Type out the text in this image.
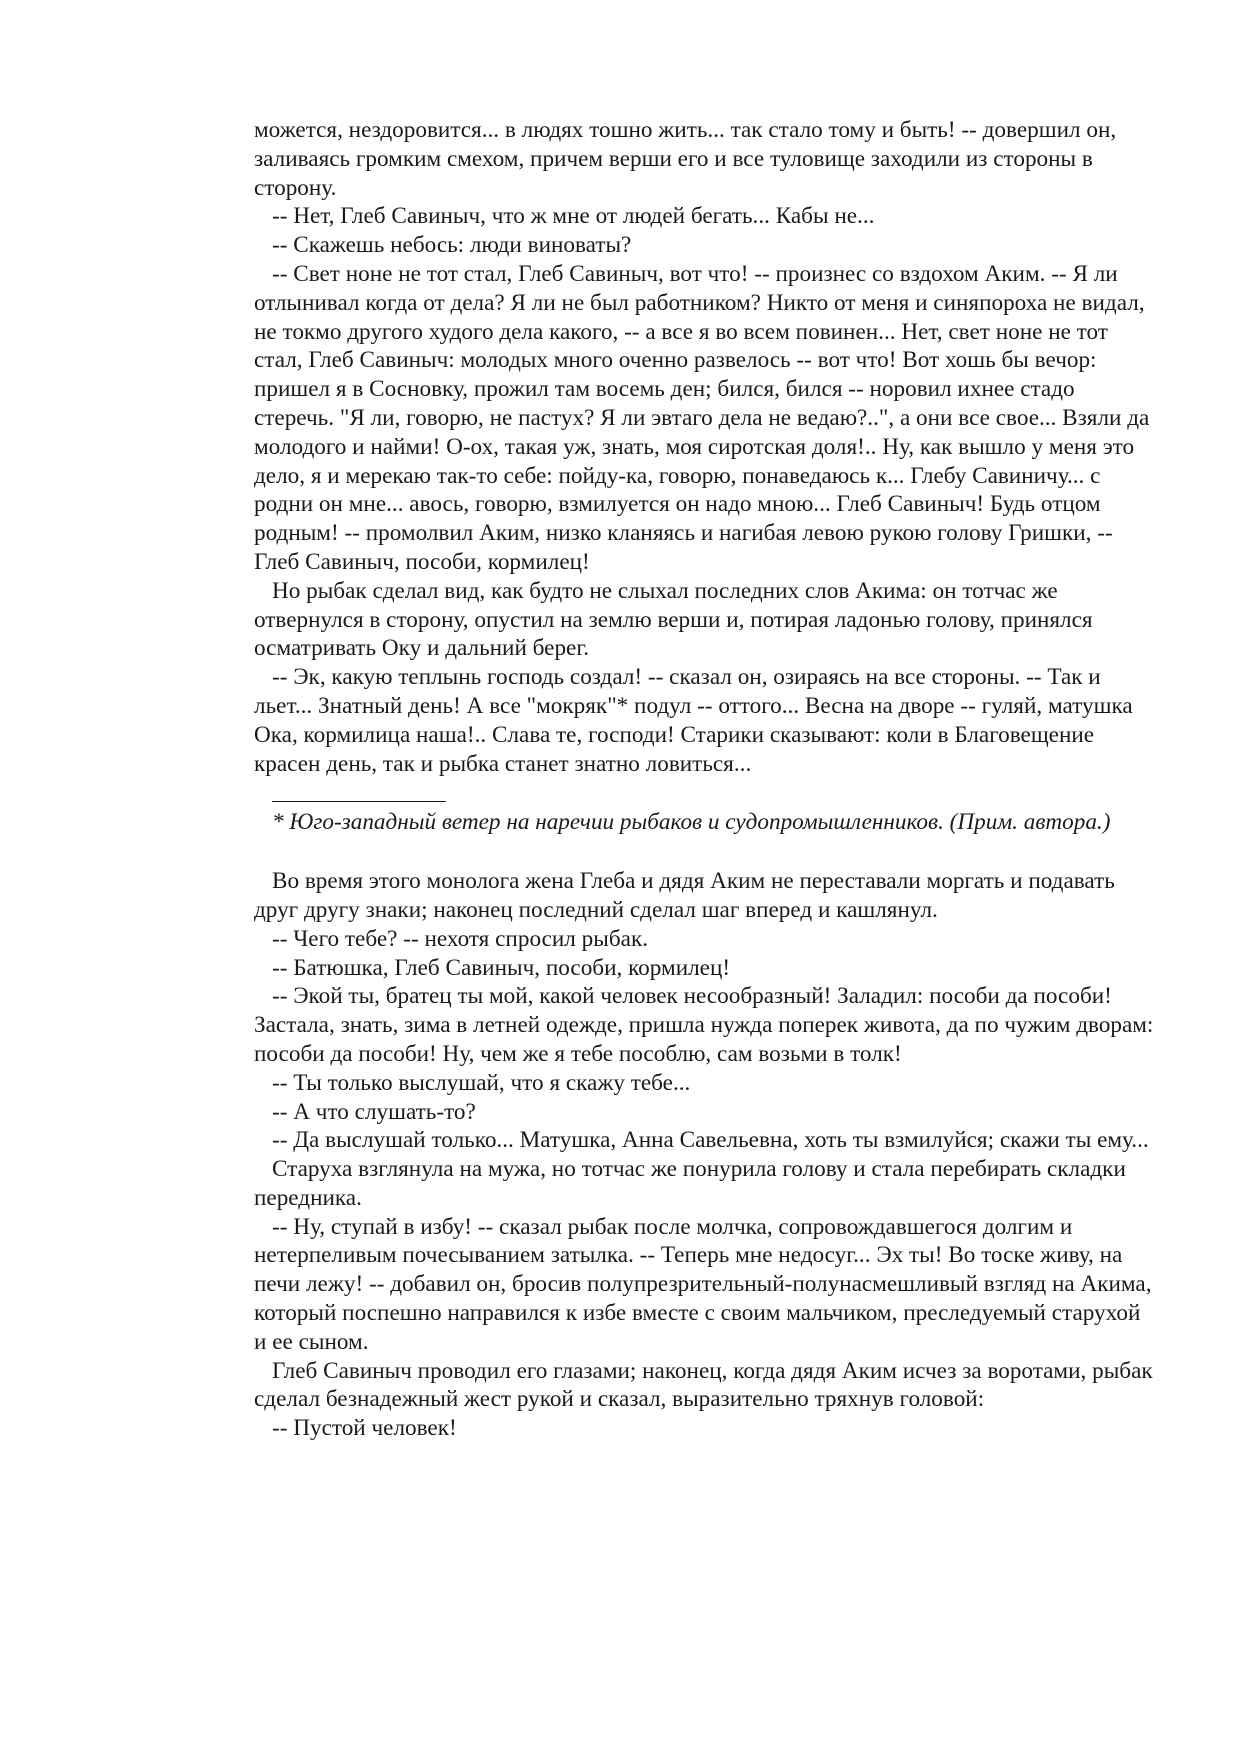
можется, нездоровится... в людях тошно жить... так стало тому и быть! -- довершил он, заливаясь громким смехом, причем верши его и все туловище заходили из стороны в сторону.

-- Нет, Глеб Савиныч, что ж мне от людей бегать... Кабы не...

-- Скажешь небось: люди виноваты?

-- Свет ноне не тот стал, Глеб Савиныч, вот что! -- произнес со вздохом Аким. -- Я ли отлынивал когда от дела? Я ли не был работником? Никто от меня и синяпороха не видал, не токмо другого худого дела какого, -- а все я во всем повинен... Нет, свет ноне не тот стал, Глеб Савиныч: молодых много оченно развелось -- вот что! Вот хошь бы вечор: пришел я в Сосновку, прожил там восемь ден; бился, бился -- норовил ихнее стадо стеречь. "Я ли, говорю, не пастух? Я ли эвтаго дела не ведаю?..", а они все свое... Взяли да молодого и найми! О-ох, такая уж, знать, моя сиротская доля!.. Ну, как вышло у меня это дело, я и мерекаю так-то себе: пойду-ка, говорю, понаведаюсь к... Глебу Савиничу... с родни он мне... авось, говорю, взмилуется он надо мною... Глеб Савиныч! Будь отцом родным! -- промолвил Аким, низко кланяясь и нагибая левою рукою голову Гришки, -- Глеб Савиныч, пособи, кормилец!

Но рыбак сделал вид, как будто не слыхал последних слов Акима: он тотчас же отвернулся в сторону, опустил на землю верши и, потирая ладонью голову, принялся осматривать Оку и дальний берег.

-- Эк, какую теплынь господь создал! -- сказал он, озираясь на все стороны. -- Так и льет... Знатный день! А все "мокряк"* подул -- оттого... Весна на дворе -- гуляй, матушка Ока, кормилица наша!.. Слава те, господи! Старики сказывают: коли в Благовещение красен день, так и рыбка станет знатно ловиться...

* Юго-западный ветер на наречии рыбаков и судопромышленников. (Прим. автора.)

Во время этого монолога жена Глеба и дядя Аким не переставали моргать и подавать друг другу знаки; наконец последний сделал шаг вперед и кашлянул.

-- Чего тебе? -- нехотя спросил рыбак.

-- Батюшка, Глеб Савиныч, пособи, кормилец!

-- Экой ты, братец ты мой, какой человек несообразный! Заладил: пособи да пособи! Застала, знать, зима в летней одежде, пришла нужда поперек живота, да по чужим дворам: пособи да пособи! Ну, чем же я тебе пособлю, сам возьми в толк!

-- Ты только выслушай, что я скажу тебе...

-- А что слушать-то?

-- Да выслушай только... Матушка, Анна Савельевна, хоть ты взмилуйся; скажи ты ему...

Старуха взглянула на мужа, но тотчас же понурила голову и стала перебирать складки передника.

-- Ну, ступай в избу! -- сказал рыбак после молчка, сопровождавшегося долгим и нетерпеливым почесыванием затылка. -- Теперь мне недосуг... Эх ты! Во тоске живу, на печи лежу! -- добавил он, бросив полупрезрительный-полунасмешливый взгляд на Акима, который поспешно направился к избе вместе с своим мальчиком, преследуемый старухой и ее сыном.

Глеб Савиныч проводил его глазами; наконец, когда дядя Аким исчез за воротами, рыбак сделал безнадежный жест рукой и сказал, выразительно тряхнув головой:

-- Пустой человек!
